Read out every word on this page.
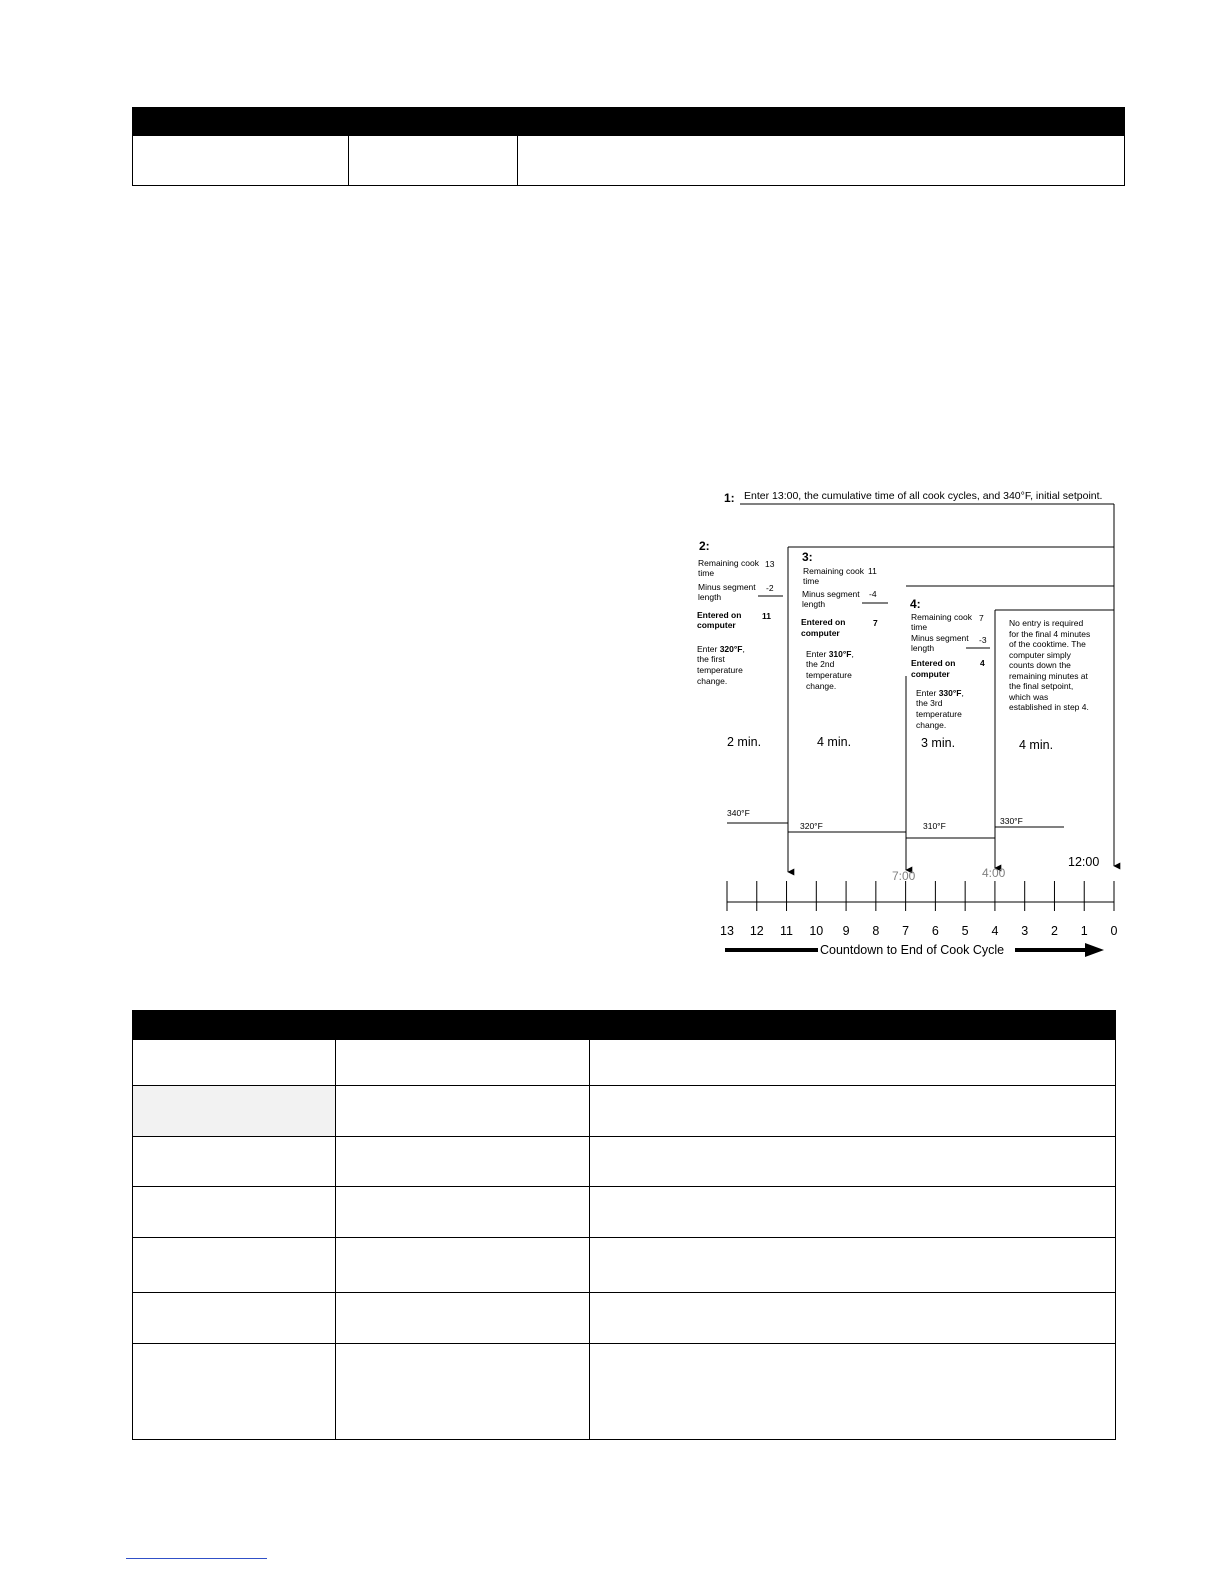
1: Enter 13:00, the cumulative time of all cook cycles, and 340°F, initial setpoint.
2:
Remaining cook
time
13
Minus segment
length
-2
Entered on
computer
11
Enter 320°F,
the first
temperature
change.
3:
Remaining cook
time
11
Minus segment
length
-4
Entered on
computer
7
Enter 310°F,
the 2nd
temperature
change.
4:
Remaining cook
time
7
Minus segment
length
-3
Entered on
computer
4
Enter 330°F,
the 3rd
temperature
change.
No entry is required
for the final 4 minutes
of the cooktime. The
computer simply
counts down the
remaining minutes at
the final setpoint,
which was
established in step 4.
2 min.	4 min.	3 min.	4 min.
340°F
320°F	310°F	330°F
7:00	4:00
12:00
13 12 11 10 9 8 7 6 5 4 3 2 1 0
Countdown to End of Cook Cycle
